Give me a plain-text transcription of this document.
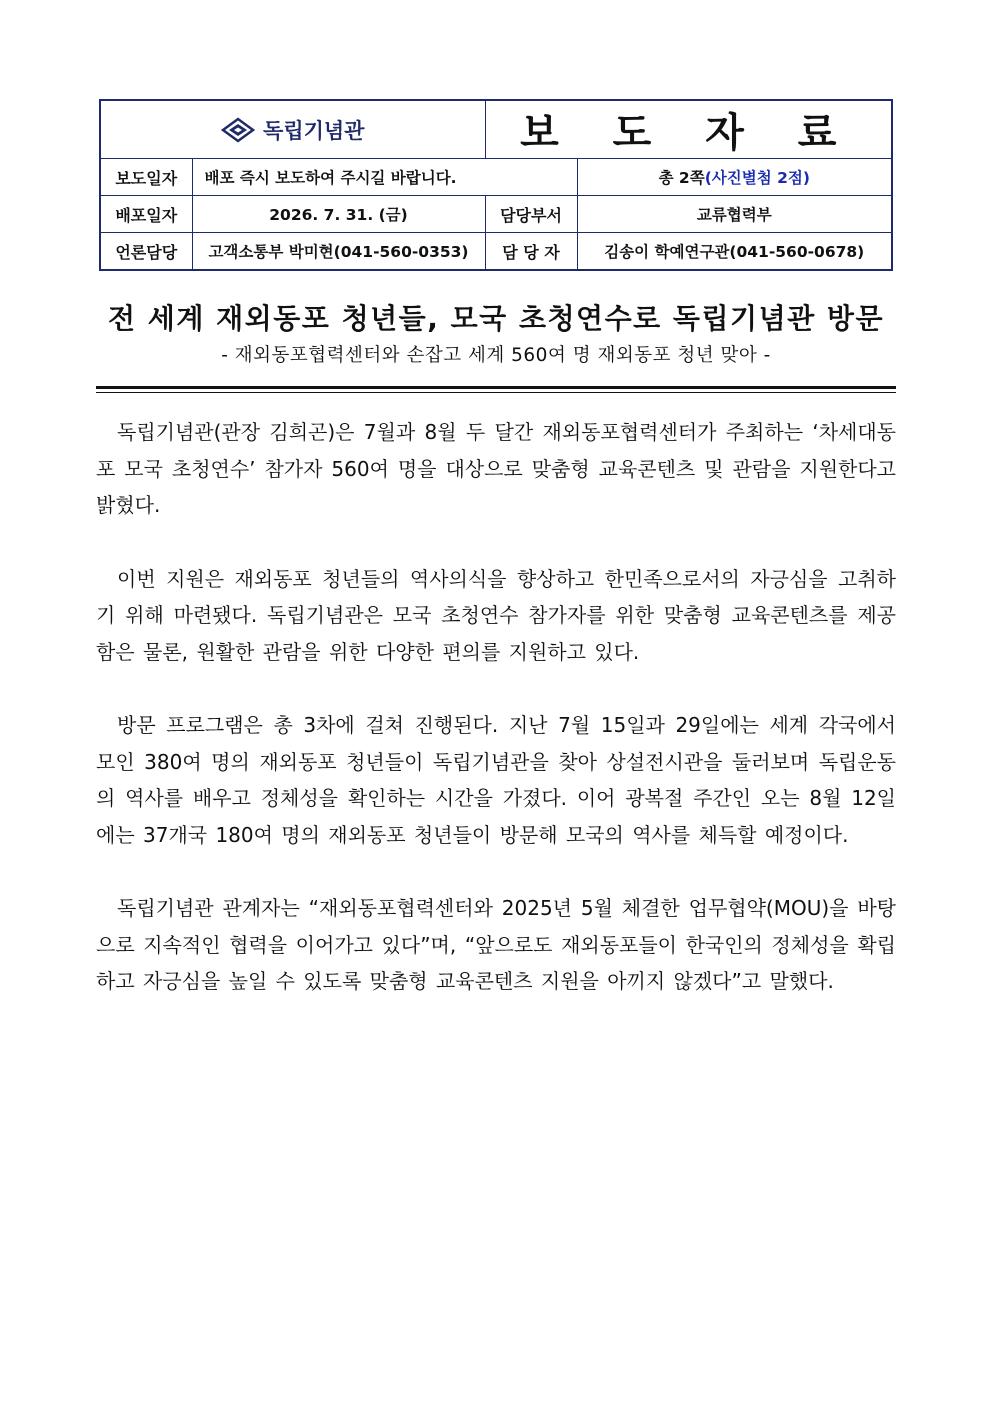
독립기념관		보 도 자 료	
보도일자	배포 즉시 보도하여 주시길 바랍니다.		총 2쪽(사진별첨 2점)
배포일자	2026. 7. 31. (금)	담당부서	교류협력부
언론담당	고객소통부 박미현(041-560-0353)	담 당 자	김송이 학예연구관(041-560-0678)
전 세계 재외동포 청년들, 모국 초청연수로 독립기념관 방문
- 재외동포협력센터와 손잡고 세계 560여 명 재외동포 청년 맞아 -

독립기념관(관장 김희곤)은 7월과 8월 두 달간 재외동포협력센터가 주최하는 ‘차세대동포 모국 초청연수’ 참가자 560여 명을 대상으로 맞춤형 교육콘텐츠 및 관람을 지원한다고 밝혔다.

이번 지원은 재외동포 청년들의 역사의식을 향상하고 한민족으로서의 자긍심을 고취하기 위해 마련됐다. 독립기념관은 모국 초청연수 참가자를 위한 맞춤형 교육콘텐츠를 제공함은 물론, 원활한 관람을 위한 다양한 편의를 지원하고 있다.

방문 프로그램은 총 3차에 걸쳐 진행된다. 지난 7월 15일과 29일에는 세계 각국에서 모인 380여 명의 재외동포 청년들이 독립기념관을 찾아 상설전시관을 둘러보며 독립운동의 역사를 배우고 정체성을 확인하는 시간을 가졌다. 이어 광복절 주간인 오는 8월 12일에는 37개국 180여 명의 재외동포 청년들이 방문해 모국의 역사를 체득할 예정이다.

독립기념관 관계자는 “재외동포협력센터와 2025년 5월 체결한 업무협약(MOU)을 바탕으로 지속적인 협력을 이어가고 있다”며, “앞으로도 재외동포들이 한국인의 정체성을 확립하고 자긍심을 높일 수 있도록 맞춤형 교육콘텐츠 지원을 아끼지 않겠다”고 말했다.
